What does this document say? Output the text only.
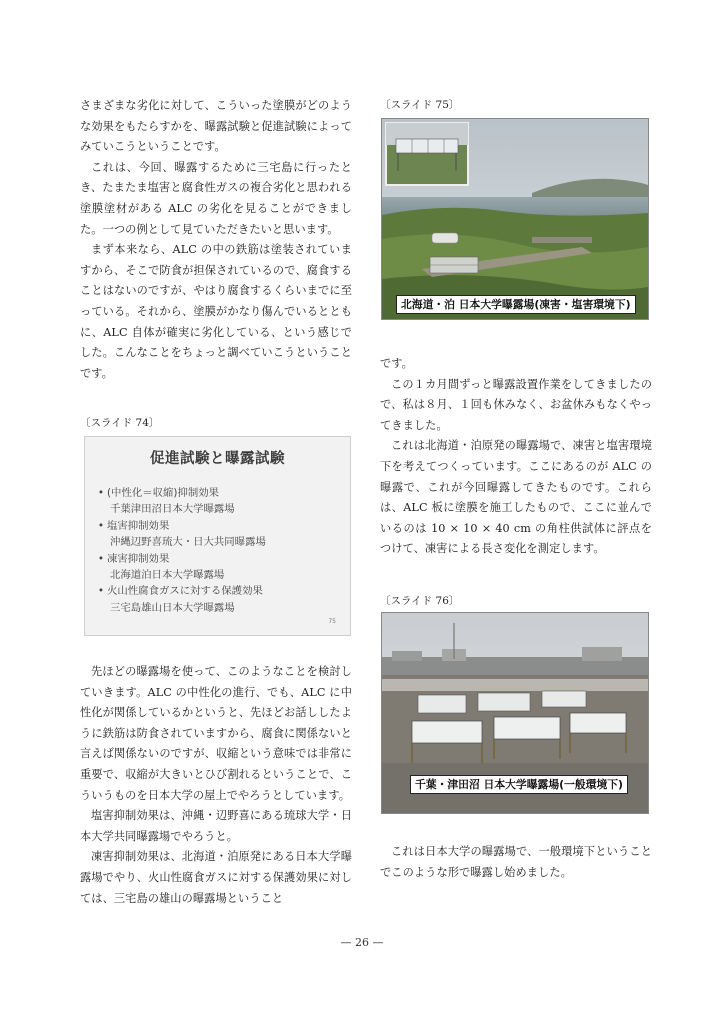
さまざまな劣化に対して、こういった塗膜がどのような効果をもたらすかを、曝露試験と促進試験によってみていこうということです。

これは、今回、曝露するために三宅島に行ったとき、たまたま塩害と腐食性ガスの複合劣化と思われる塗膜塗材がある ALC の劣化を見ることができました。一つの例として見ていただきたいと思います。

まず本来なら、ALC の中の鉄筋は塗装されていますから、そこで防食が担保されているので、腐食することはないのですが、やはり腐食するくらいまでに至っている。それから、塗膜がかなり傷んでいるとともに、ALC 自体が確実に劣化している、という感じでした。こんなことをちょっと調べていこうということです。

〔スライド 74〕

促進試験と曝露試験
• (中性化＝収縮)抑制効果
千葉津田沼日本大学曝露場
• 塩害抑制効果
沖縄辺野喜琉大・日大共同曝露場
• 凍害抑制効果
北海道泊日本大学曝露場
• 火山性腐食ガスに対する保護効果
三宅島雄山日本大学曝露場
75

先ほどの曝露場を使って、このようなことを検討していきます。ALC の中性化の進行、でも、ALC に中性化が関係しているかというと、先ほどお話ししたように鉄筋は防食されていますから、腐食に関係ないと言えば関係ないのですが、収縮という意味では非常に重要で、収縮が大きいとひび割れるということで、こういうものを日本大学の屋上でやろうとしています。

塩害抑制効果は、沖縄・辺野喜にある琉球大学・日本大学共同曝露場でやろうと。

凍害抑制効果は、北海道・泊原発にある日本大学曝露場でやり、火山性腐食ガスに対する保護効果に対しては、三宅島の雄山の曝露場ということ

〔スライド 75〕

北海道・泊 日本大学曝露場(凍害・塩害環境下)

です。

この１カ月間ずっと曝露設置作業をしてきましたので、私は８月、１回も休みなく、お盆休みもなくやってきました。

これは北海道・泊原発の曝露場で、凍害と塩害環境下を考えてつくっています。ここにあるのが ALC の曝露で、これが今回曝露してきたものです。これらは、ALC 板に塗膜を施工したもので、ここに並んでいるのは 10 × 10 × 40 cm の角柱供試体に評点をつけて、凍害による長さ変化を測定します。

〔スライド 76〕

千葉・津田沼 日本大学曝露場(一般環境下)

これは日本大学の曝露場で、一般環境下ということでこのような形で曝露し始めました。

— 26 —
